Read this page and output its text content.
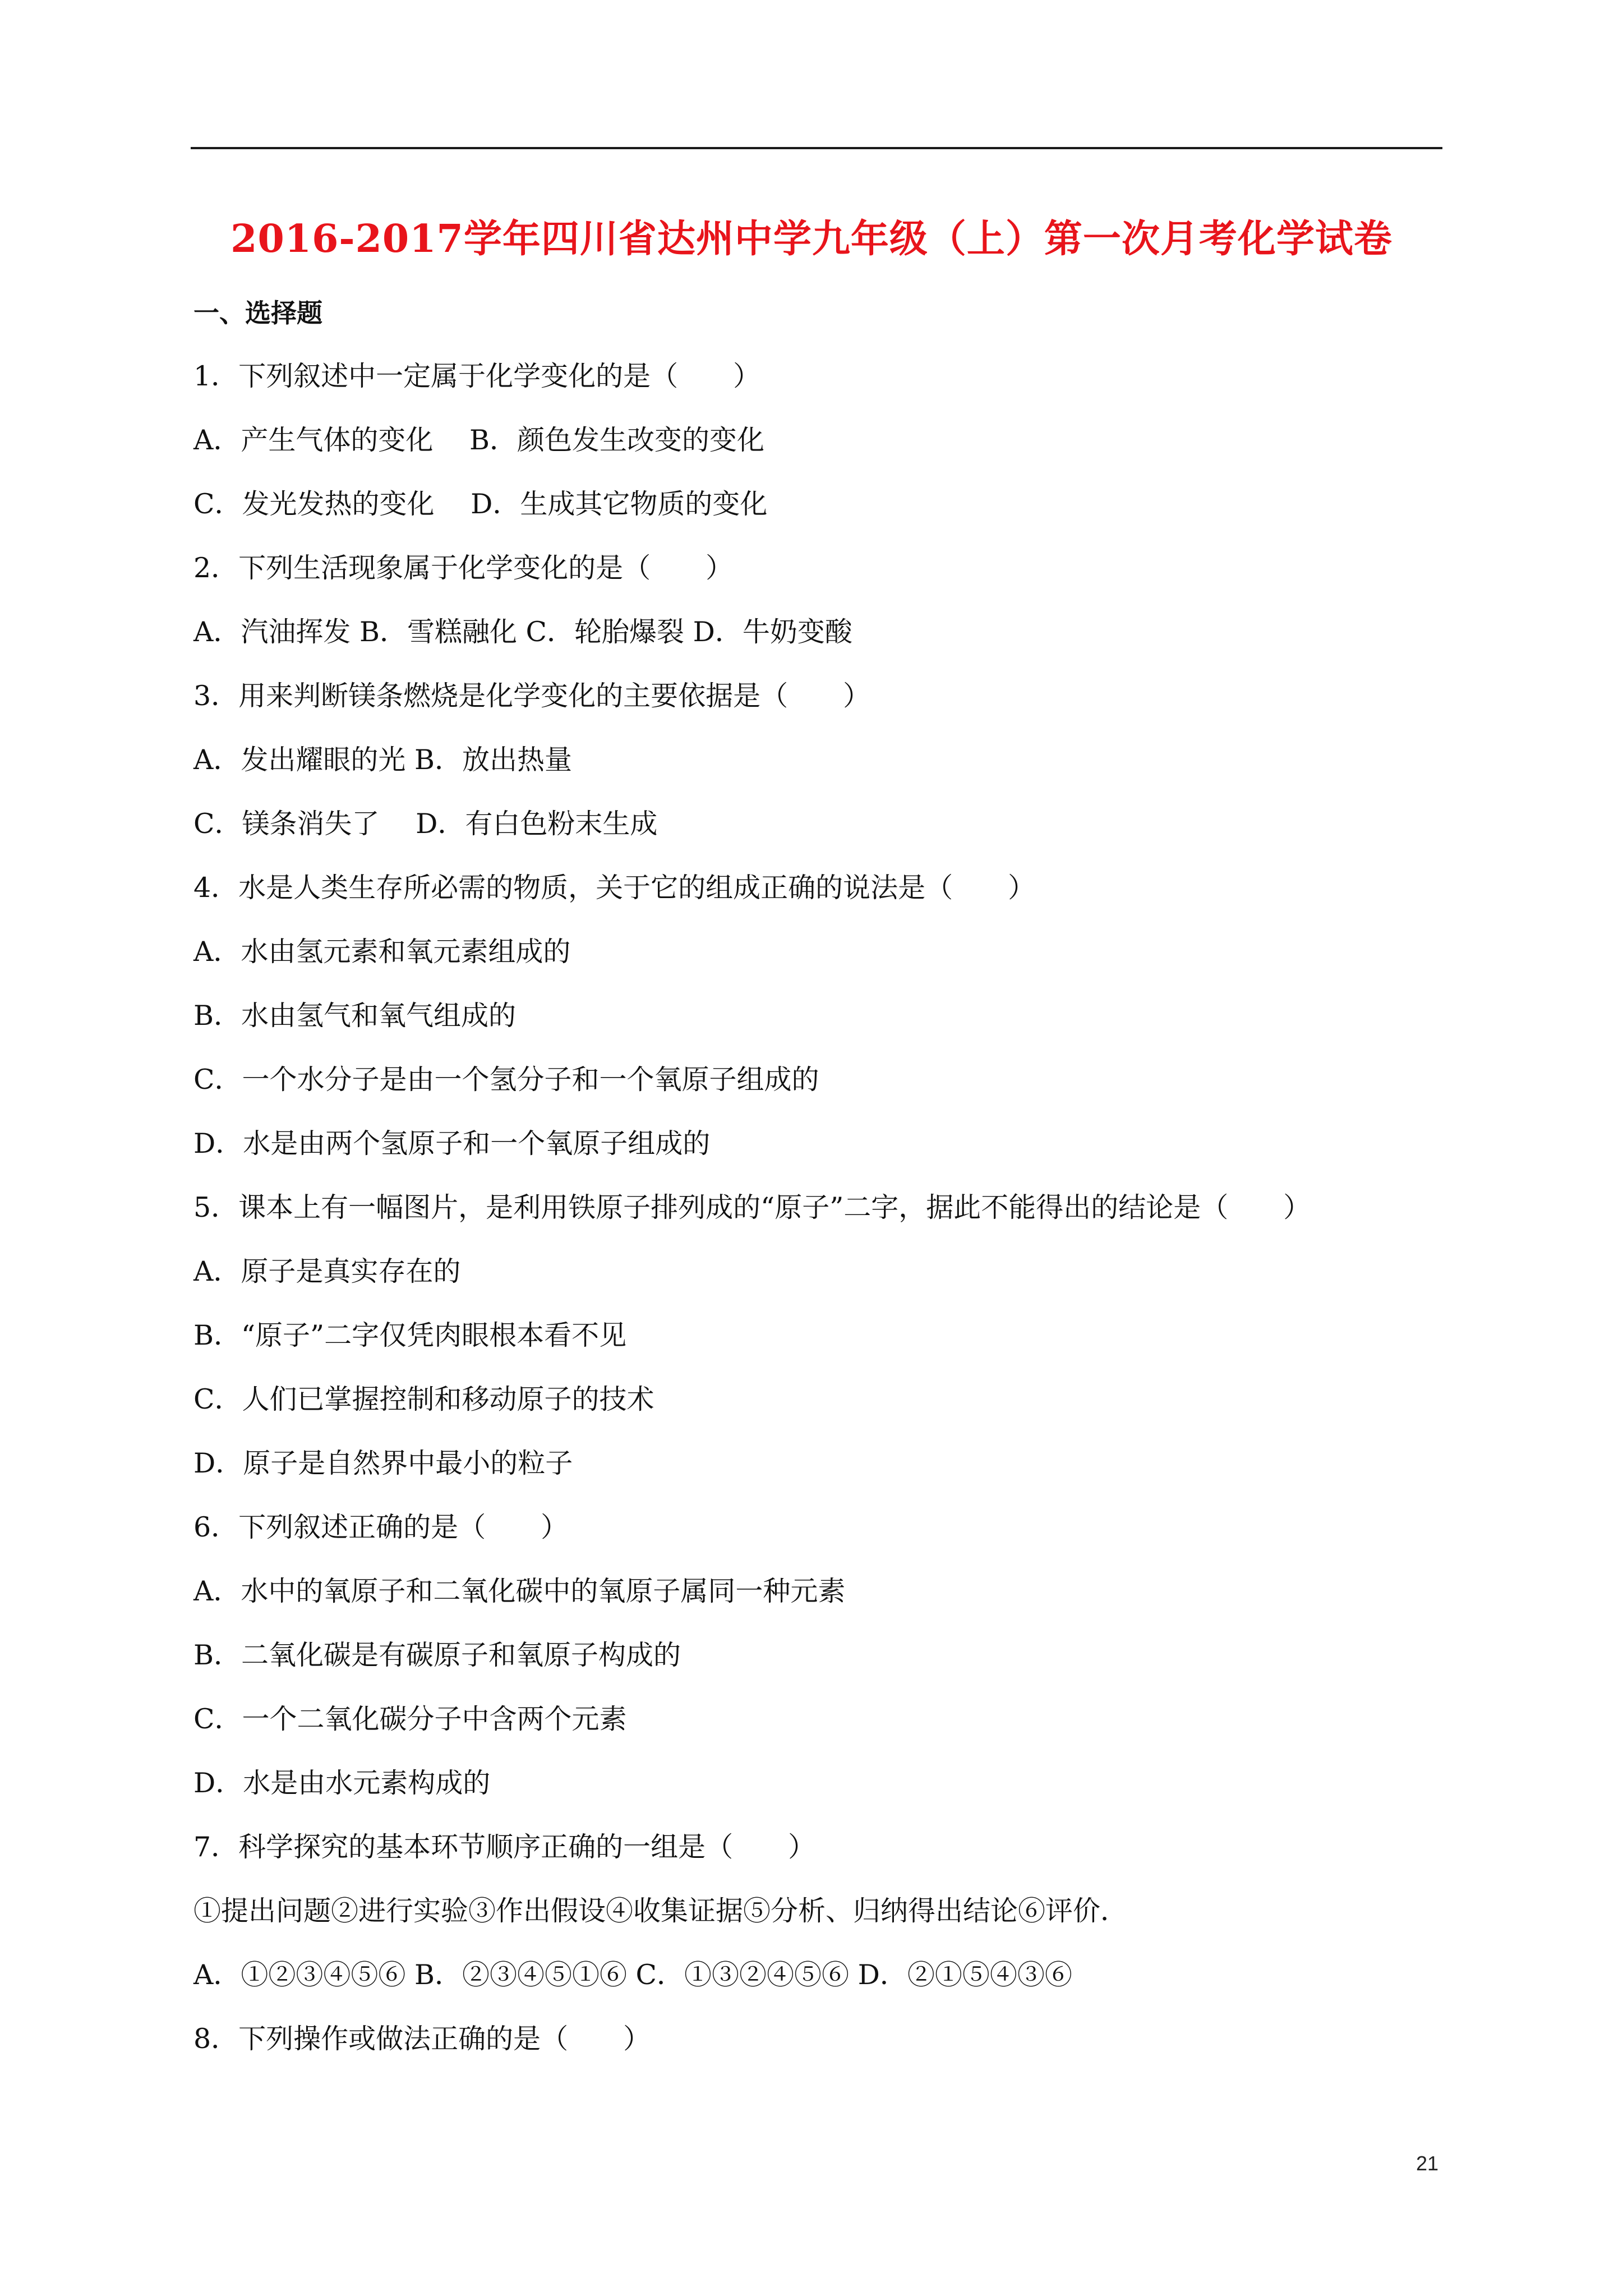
2016-2017学年四川省达州中学九年级（上）第一次月考化学试卷
一、选择题
1．下列叙述中一定属于化学变化的是（　　）
A．产生气体的变化　 B．颜色发生改变的变化
C．发光发热的变化　 D．生成其它物质的变化
2．下列生活现象属于化学变化的是（　　）
A．汽油挥发 B．雪糕融化 C．轮胎爆裂 D．牛奶变酸
3．用来判断镁条燃烧是化学变化的主要依据是（　　）
A．发出耀眼的光 B．放出热量
C．镁条消失了　 D．有白色粉末生成
4．水是人类生存所必需的物质，关于它的组成正确的说法是（　　）
A．水由氢元素和氧元素组成的
B．水由氢气和氧气组成的
C．一个水分子是由一个氢分子和一个氧原子组成的
D．水是由两个氢原子和一个氧原子组成的
5．课本上有一幅图片，是利用铁原子排列成的“原子”二字，据此不能得出的结论是（　　）
A．原子是真实存在的
B．“原子”二字仅凭肉眼根本看不见
C．人们已掌握控制和移动原子的技术
D．原子是自然界中最小的粒子
6．下列叙述正确的是（　　）
A．水中的氧原子和二氧化碳中的氧原子属同一种元素
B．二氧化碳是有碳原子和氧原子构成的
C．一个二氧化碳分子中含两个元素
D．水是由水元素构成的
7．科学探究的基本环节顺序正确的一组是（　　）
①提出问题②进行实验③作出假设④收集证据⑤分析、归纳得出结论⑥评价．
A．①②③④⑤⑥ B．②③④⑤①⑥ C．①③②④⑤⑥ D．②①⑤④③⑥
8．下列操作或做法正确的是（　　）
21
